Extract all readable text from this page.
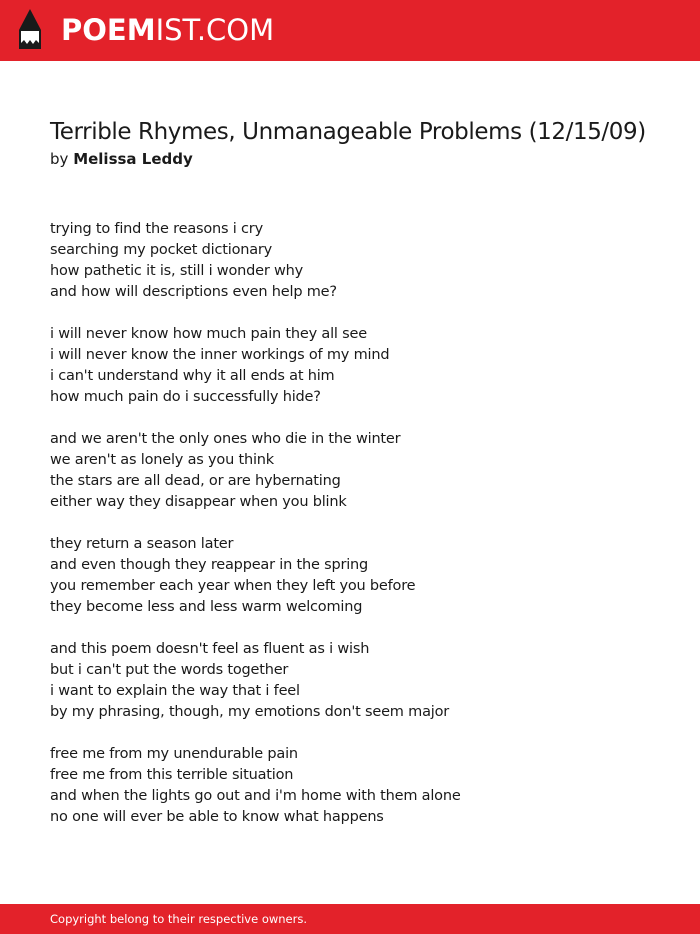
POEMIST.COM
Terrible Rhymes, Unmanageable Problems (12/15/09)
by Melissa Leddy
trying to find the reasons i cry
searching my pocket dictionary
how pathetic it is, still i wonder why
and how will descriptions even help me?
i will never know how much pain they all see
i will never know the inner workings of my mind
i can't understand why it all ends at him
how much pain do i successfully hide?
and we aren't the only ones who die in the winter
we aren't as lonely as you think
the stars are all dead, or are hybernating
either way they disappear when you blink
they return a season later
and even though they reappear in the spring
you remember each year when they left you before
they become less and less warm welcoming
and this poem doesn't feel as fluent as i wish
but i can't put the words together
i want to explain the way that i feel
by my phrasing, though, my emotions don't seem major
free me from my unendurable pain
free me from this terrible situation
and when the lights go out and i'm home with them alone
no one will ever be able to know what happens
Copyright belong to their respective owners.
